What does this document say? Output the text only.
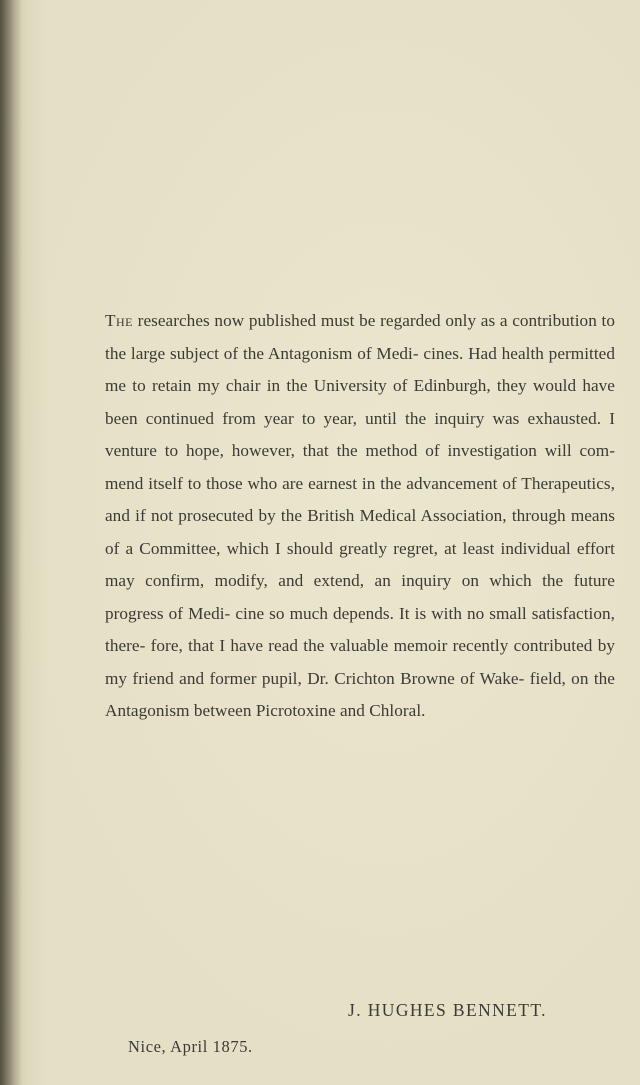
The researches now published must be regarded only as a contribution to the large subject of the Antagonism of Medi- cines. Had health permitted me to retain my chair in the University of Edinburgh, they would have been continued from year to year, until the inquiry was exhausted. I venture to hope, however, that the method of investigation will com- mend itself to those who are earnest in the advancement of Therapeutics, and if not prosecuted by the British Medical Association, through means of a Committee, which I should greatly regret, at least individual effort may confirm, modify, and extend, an inquiry on which the future progress of Medi- cine so much depends. It is with no small satisfaction, there- fore, that I have read the valuable memoir recently contributed by my friend and former pupil, Dr. Crichton Browne of Wake- field, on the Antagonism between Picrotoxine and Chloral.

J. HUGHES BENNETT.
Nice, April 1875.
